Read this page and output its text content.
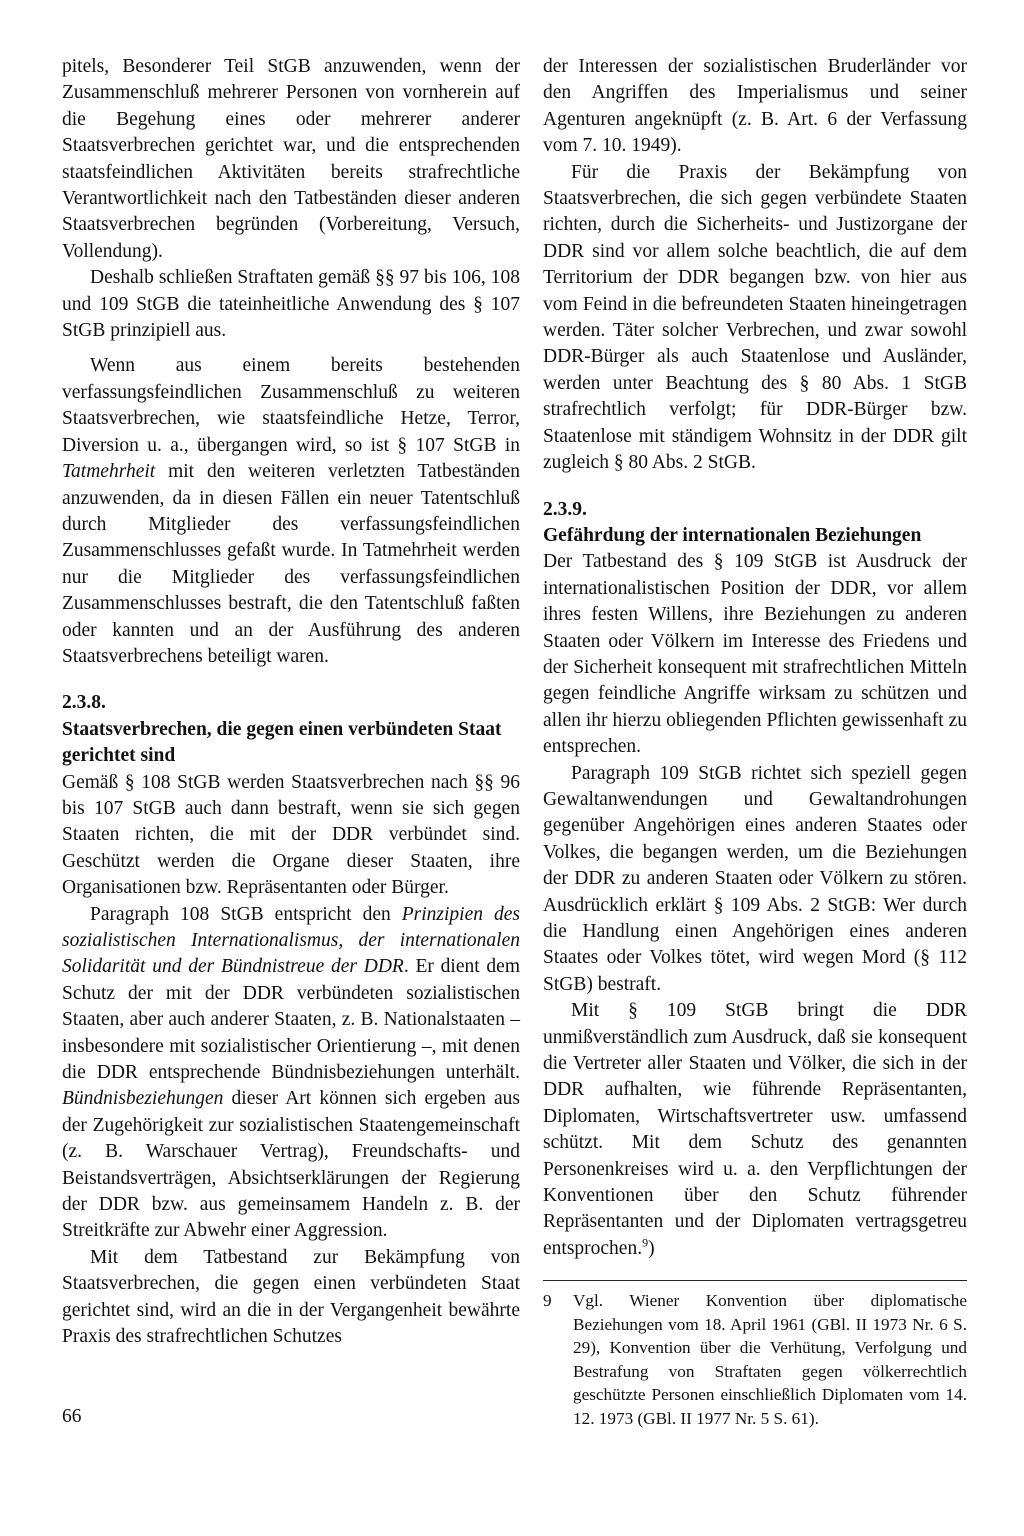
pitels, Besonderer Teil StGB anzuwenden, wenn der Zusammenschluß mehrerer Personen von vornherein auf die Begehung eines oder mehrerer anderer Staatsverbrechen gerichtet war, und die entsprechenden staatsfeindlichen Aktivitäten bereits strafrechtliche Verantwortlichkeit nach den Tatbeständen dieser anderen Staatsverbrechen begründen (Vorbereitung, Versuch, Vollendung).

Deshalb schließen Straftaten gemäß §§ 97 bis 106, 108 und 109 StGB die tateinheitliche Anwendung des § 107 StGB prinzipiell aus.

Wenn aus einem bereits bestehenden verfassungsfeindlichen Zusammenschluß zu weiteren Staatsverbrechen, wie staatsfeindliche Hetze, Terror, Diversion u. a., übergangen wird, so ist § 107 StGB in Tatmehrheit mit den weiteren verletzten Tatbeständen anzuwenden, da in diesen Fällen ein neuer Tatentschluß durch Mitglieder des verfassungsfeindlichen Zusammenschlusses gefaßt wurde. In Tatmehrheit werden nur die Mitglieder des verfassungsfeindlichen Zusammenschlusses bestraft, die den Tatentschluß faßten oder kannten und an der Ausführung des anderen Staatsverbrechens beteiligt waren.

2.3.8.
Staatsverbrechen, die gegen einen verbündeten Staat gerichtet sind

Gemäß § 108 StGB werden Staatsverbrechen nach §§ 96 bis 107 StGB auch dann bestraft, wenn sie sich gegen Staaten richten, die mit der DDR verbündet sind. Geschützt werden die Organe dieser Staaten, ihre Organisationen bzw. Repräsentanten oder Bürger.

Paragraph 108 StGB entspricht den Prinzipien des sozialistischen Internationalismus, der internationalen Solidarität und der Bündnistreue der DDR. Er dient dem Schutz der mit der DDR verbündeten sozialistischen Staaten, aber auch anderer Staaten, z. B. Nationalstaaten – insbesondere mit sozialistischer Orientierung –, mit denen die DDR entsprechende Bündnisbeziehungen unterhält. Bündnisbeziehungen dieser Art können sich ergeben aus der Zugehörigkeit zur sozialistischen Staatengemeinschaft (z. B. Warschauer Vertrag), Freundschafts- und Beistandsverträgen, Absichtserklärungen der Regierung der DDR bzw. aus gemeinsamem Handeln z. B. der Streitkräfte zur Abwehr einer Aggression.

Mit dem Tatbestand zur Bekämpfung von Staatsverbrechen, die gegen einen verbündeten Staat gerichtet sind, wird an die in der Vergangenheit bewährte Praxis des strafrechtlichen Schutzes

der Interessen der sozialistischen Bruderländer vor den Angriffen des Imperialismus und seiner Agenturen angeknüpft (z. B. Art. 6 der Verfassung vom 7. 10. 1949).

Für die Praxis der Bekämpfung von Staatsverbrechen, die sich gegen verbündete Staaten richten, durch die Sicherheits- und Justizorgane der DDR sind vor allem solche beachtlich, die auf dem Territorium der DDR begangen bzw. von hier aus vom Feind in die befreundeten Staaten hineingetragen werden. Täter solcher Verbrechen, und zwar sowohl DDR-Bürger als auch Staatenlose und Ausländer, werden unter Beachtung des § 80 Abs. 1 StGB strafrechtlich verfolgt; für DDR-Bürger bzw. Staatenlose mit ständigem Wohnsitz in der DDR gilt zugleich § 80 Abs. 2 StGB.

2.3.9.
Gefährdung der internationalen Beziehungen

Der Tatbestand des § 109 StGB ist Ausdruck der internationalistischen Position der DDR, vor allem ihres festen Willens, ihre Beziehungen zu anderen Staaten oder Völkern im Interesse des Friedens und der Sicherheit konsequent mit strafrechtlichen Mitteln gegen feindliche Angriffe wirksam zu schützen und allen ihr hierzu obliegenden Pflichten gewissenhaft zu entsprechen.

Paragraph 109 StGB richtet sich speziell gegen Gewaltanwendungen und Gewaltandrohungen gegenüber Angehörigen eines anderen Staates oder Volkes, die begangen werden, um die Beziehungen der DDR zu anderen Staaten oder Völkern zu stören. Ausdrücklich erklärt § 109 Abs. 2 StGB: Wer durch die Handlung einen Angehörigen eines anderen Staates oder Volkes tötet, wird wegen Mord (§ 112 StGB) bestraft.

Mit § 109 StGB bringt die DDR unmißverständlich zum Ausdruck, daß sie konsequent die Vertreter aller Staaten und Völker, die sich in der DDR aufhalten, wie führende Repräsentanten, Diplomaten, Wirtschaftsvertreter usw. umfassend schützt. Mit dem Schutz des genannten Personenkreises wird u. a. den Verpflichtungen der Konventionen über den Schutz führender Repräsentanten und der Diplomaten vertragsgetreu entsprochen.$^9$)

9	Vgl. Wiener Konvention über diplomatische Beziehungen vom 18. April 1961 (GBl. II 1973 Nr. 6 S. 29), Konvention über die Verhütung, Verfolgung und Bestrafung von Straftaten gegen völkerrechtlich geschützte Personen einschließlich Diplomaten vom 14. 12. 1973 (GBl. II 1977 Nr. 5 S. 61).
66
